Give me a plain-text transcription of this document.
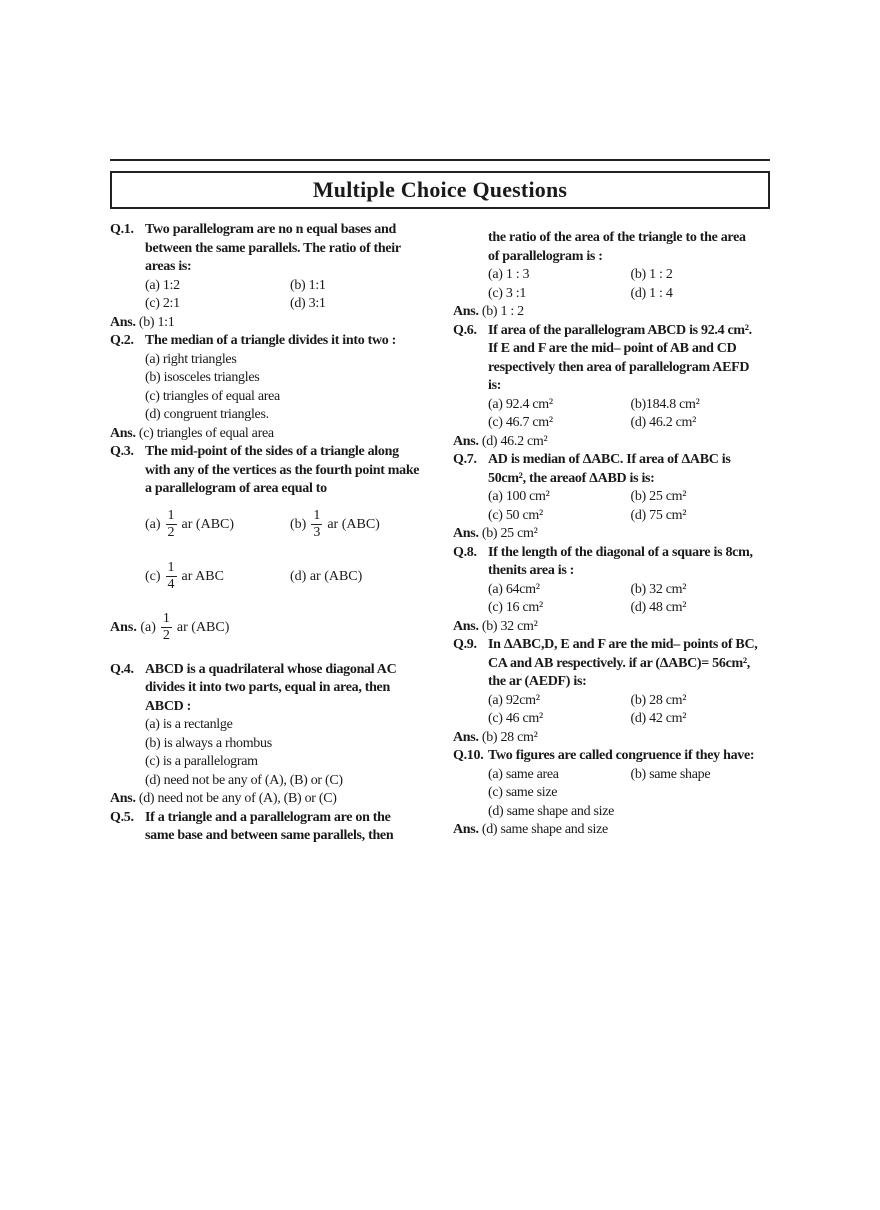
Multiple Choice Questions
Q.1. Two parallelogram are no n equal bases and
between the same parallels. The ratio of their
areas is:
(a) 1:2	(b) 1:1
(c) 2:1	(d) 3:1
Ans. (b) 1:1
Q.2. The median of a triangle divides it into two :
(a) right triangles
(b) isosceles triangles
(c) triangles of equal area
(d) congruent triangles.
Ans. (c) triangles of equal area
Q.3. The mid-point of the sides of a triangle along
with any of the vertices as the fourth point make
a parallelogram of area equal to
$(a) \frac{1}{2}$ ar (ABC)	$(b) \frac{1}{3}$ ar (ABC)
$(c) \frac{1}{4}$ ar ABC	(d) ar (ABC)
Ans.
$(a) \frac{1}{2}$ ar (ABC)
Q.4. ABCD is a quadrilateral whose diagonal AC
divides it into two parts, equal in area, then
ABCD :
(a) is a rectanlge
(b) is always a rhombus
(c) is a parallelogram
(d) need not be any of (A), (B) or (C)
Ans. (d) need not be any of (A), (B) or (C)
Q.5. If a triangle and a parallelogram are on the
same base and between same parallels, then
the ratio of the area of the triangle to the area
of parallelogram is :
(a) 1 : 3	(b) 1 : 2
(c) 3 :1	(d) 1 : 4
Ans. (b) 1 : 2
Q.6. If area of the parallelogram ABCD is 92.4 cm².
If E and F are the mid– point of AB and CD
respectively then area of parallelogram AEFD
is:
(a) 92.4 cm²	(b)184.8 cm²
(c) 46.7 cm²	(d) 46.2 cm²
Ans. (d) 46.2 cm²
Q.7. AD is median of ΔABC. If area of ΔABC is
50cm², the areaof ΔABD is is:
(a) 100 cm²	(b) 25 cm²
(c) 50 cm²	(d) 75 cm²
Ans. (b) 25 cm²
Q.8. If the length of the diagonal of a square is 8cm,
thenits area is :
(a) 64cm²	(b) 32 cm²
(c) 16 cm²	(d) 48 cm²
Ans. (b) 32 cm²
Q.9. In ΔABC,D, E and F are the mid– points of BC,
CA and AB respectively. if ar (ΔABC)= 56cm²,
the ar (AEDF) is:
(a) 92cm²	(b) 28 cm²
(c) 46 cm²	(d) 42 cm²
Ans. (b) 28 cm²
Q.10. Two figures are called congruence if they have:
(a) same area	(b) same shape
(c) same size
(d) same shape and size
Ans. (d) same shape and size
